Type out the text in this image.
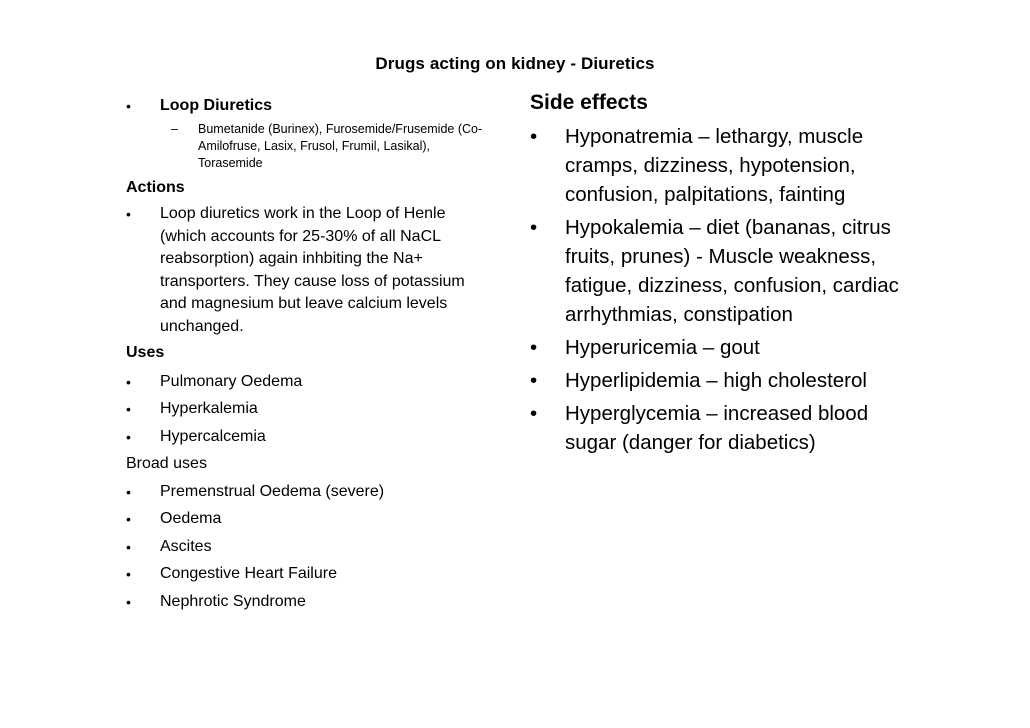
Drugs acting on kidney - Diuretics
•	Loop Diuretics
–	Bumetanide (Burinex), Furosemide/Frusemide (Co-Amilofruse, Lasix, Frusol, Frumil, Lasikal), Torasemide
Actions
•	Loop diuretics work in the Loop of Henle (which accounts for 25-30% of all NaCL reabsorption) again inhbiting the Na+ transporters. They cause loss of potassium and magnesium but leave calcium levels unchanged.
Uses
•	Pulmonary Oedema
•	Hyperkalemia
•	Hypercalcemia
Broad uses
•	Premenstrual Oedema (severe)
•	Oedema
•	Ascites
•	Congestive Heart Failure
•	Nephrotic Syndrome
Side effects
•	Hyponatremia – lethargy, muscle cramps, dizziness, hypotension, confusion, palpitations, fainting
•	Hypokalemia – diet (bananas, citrus fruits, prunes) - Muscle weakness, fatigue, dizziness, confusion, cardiac arrhythmias, constipation
•	Hyperuricemia – gout
•	Hyperlipidemia – high cholesterol
•	Hyperglycemia – increased blood sugar (danger for diabetics)
